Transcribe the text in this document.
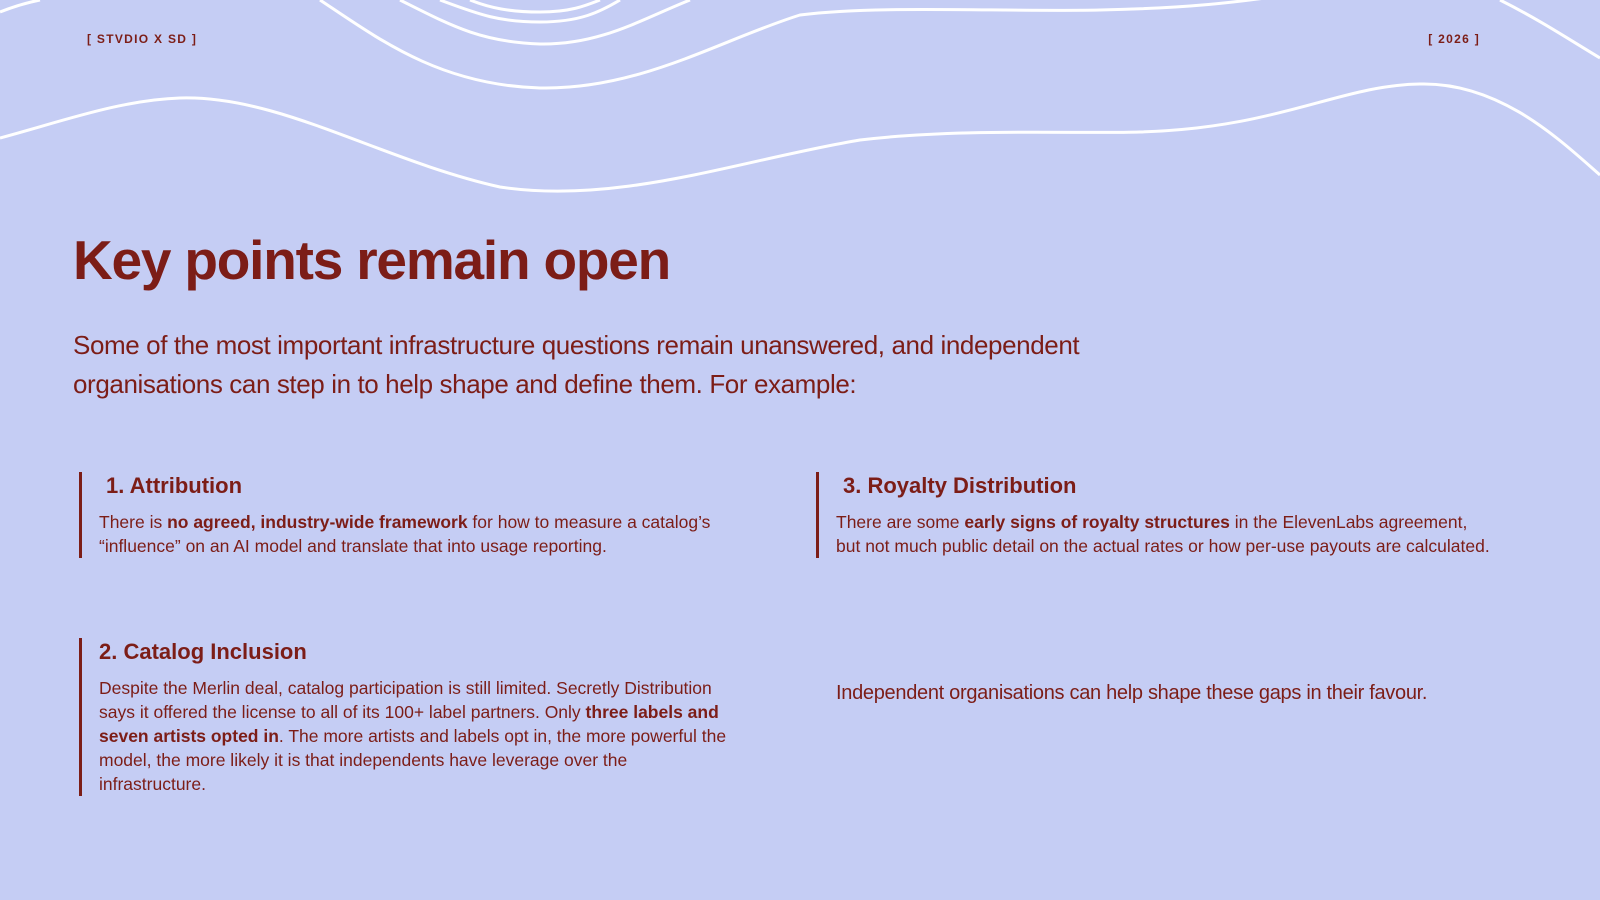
[ STVDIO X SD ]	[ 2026 ]
Key points remain open

Some of the most important infrastructure questions remain unanswered, and independent organisations can step in to help shape and define them. For example:

1. Attribution

There is no agreed, industry-wide framework for how to measure a catalog’s “influence” on an AI model and translate that into usage reporting.

3. Royalty Distribution

There are some early signs of royalty structures in the ElevenLabs agreement, but not much public detail on the actual rates or how per-use payouts are calculated.

2. Catalog Inclusion

Despite the Merlin deal, catalog participation is still limited. Secretly Distribution says it offered the license to all of its 100+ label partners. Only three labels and seven artists opted in. The more artists and labels opt in, the more powerful the model, the more likely it is that independents have leverage over the infrastructure.

Independent organisations can help shape these gaps in their favour.
